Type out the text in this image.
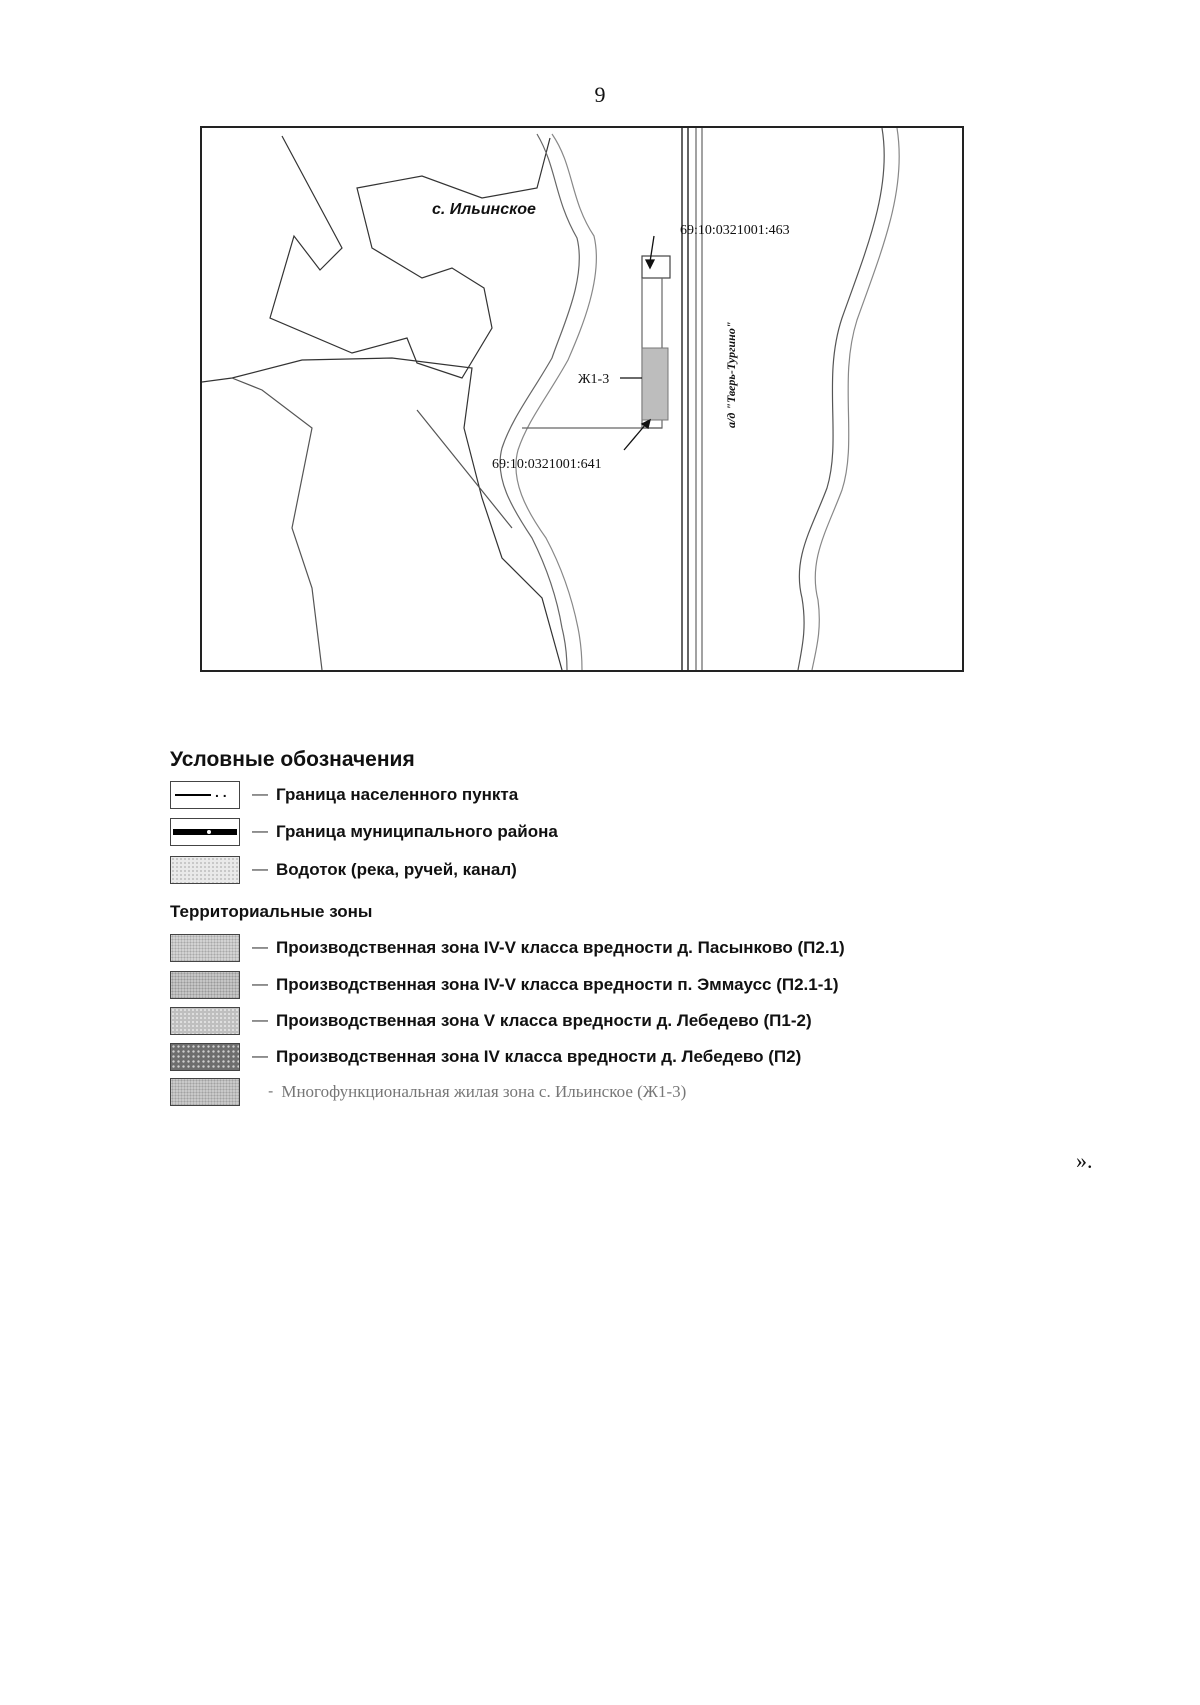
9
с. Ильинское
69:10:0321001:463
Ж1-3
69:10:0321001:641
а/д "Тверь-Тургино"
Условные обозначения
. .
— Граница населенного пункта
— Граница муниципального района
— Водоток (река, ручей, канал)
Территориальные зоны
— Производственная зона IV-V класса вредности д. Пасынково (П2.1)
— Производственная зона IV-V класса вредности п. Эммаусс (П2.1-1)
— Производственная зона V класса вредности д. Лебедево (П1-2)
— Производственная зона IV класса вредности д. Лебедево (П2)
- Многофункциональная жилая зона с. Ильинское (Ж1-3)
».
